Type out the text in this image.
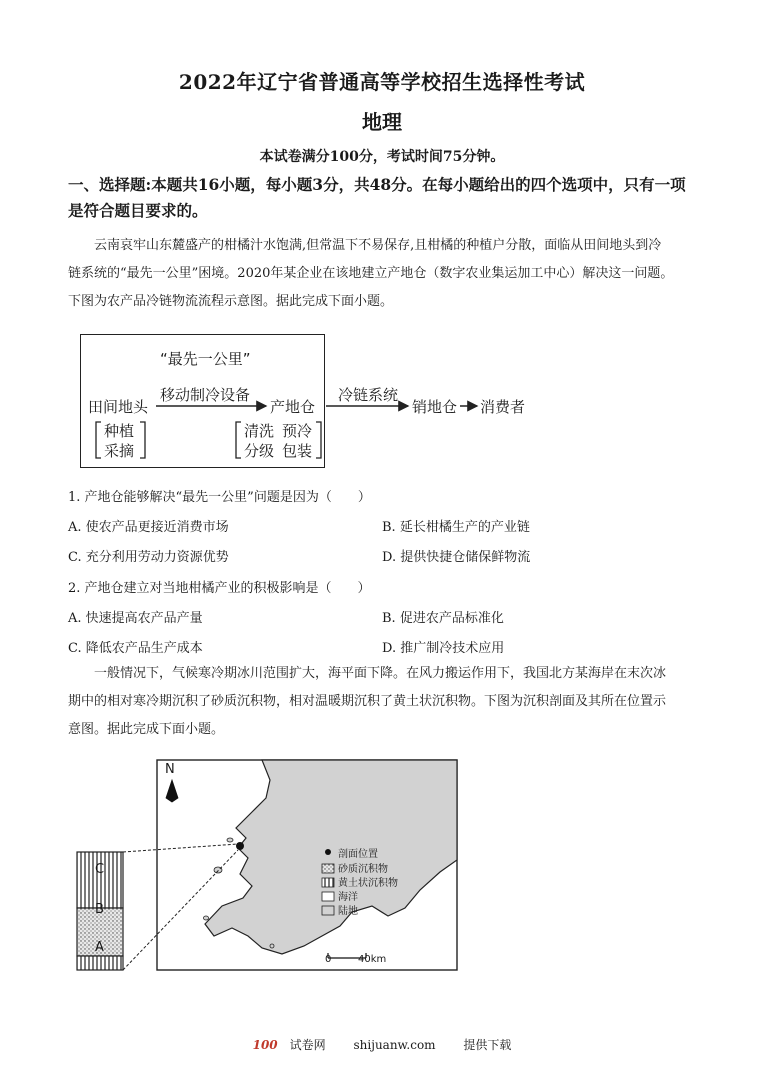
2022年辽宁省普通高等学校招生选择性考试
地理
本试卷满分100分，考试时间75分钟。
一、选择题:本题共16小题，每小题3分，共48分。在每小题给出的四个选项中，只有一项
是符合题目要求的。
云南哀牢山东麓盛产的柑橘汁水饱满,但常温下不易保存,且柑橘的种植户分散，面临从田间地头到冷
链系统的“最先一公里”困境。2020年某企业在该地建立产地仓（数字农业集运加工中心）解决这一问题。
下图为农产品冷链物流流程示意图。据此完成下面小题。
“最先一公里”
田间地头
移动制冷设备
产地仓
种植
采摘
清洗 预冷
分级 包装
冷链系统
销地仓 消费者
1. 产地仓能够解决“最先一公里”问题是因为（　　）
A. 使农产品更接近消费市场	B. 延长柑橘生产的产业链
C. 充分利用劳动力资源优势	D. 提供快捷仓储保鲜物流
2. 产地仓建立对当地柑橘产业的积极影响是（　　）
A. 快速提高农产品产量	B. 促进农产品标准化
C. 降低农产品生产成本	D. 推广制冷技术应用
一般情况下，气候寒冷期冰川范围扩大，海平面下降。在风力搬运作用下，我国北方某海岸在末次冰
期中的相对寒冷期沉积了砂质沉积物，相对温暖期沉积了黄土状沉积物。下图为沉积剖面及其所在位置示
意图。据此完成下面小题。
N
C
B
A
剖面位置
砂质沉积物
黄土状沉积物
海洋
陆地
0	40km
100 试卷网 shijuanw.com 提供下载
